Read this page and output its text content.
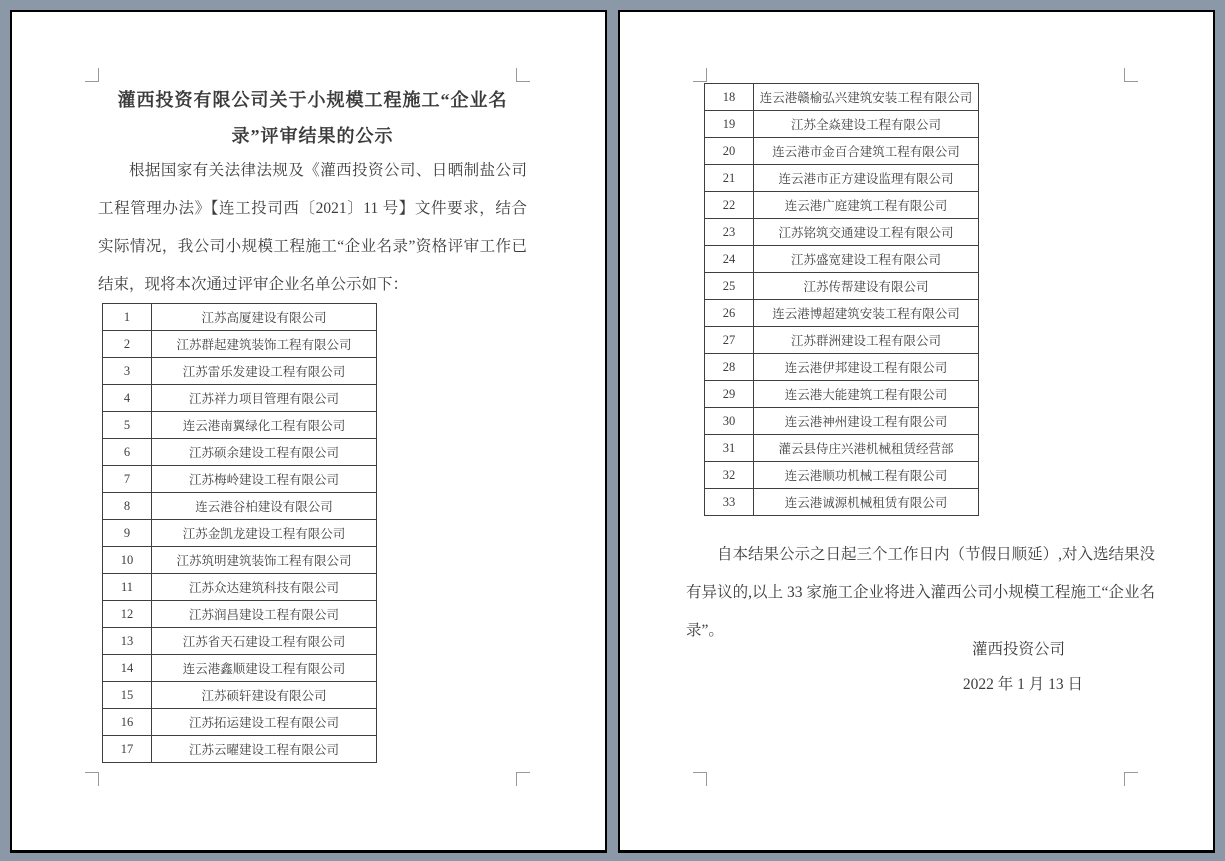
灌西投资有限公司关于小规模工程施工“企业名录”评审结果的公示
根据国家有关法律法规及《灌西投资公司、日晒制盐公司工程管理办法》【连工投司西〔2021〕11 号】文件要求，结合实际情况，我公司小规模工程施工“企业名录”资格评审工作已结束，现将本次通过评审企业名单公示如下：
1	江苏高厦建设有限公司
2	江苏群起建筑装饰工程有限公司
3	江苏雷乐发建设工程有限公司
4	江苏祥力项目管理有限公司
5	连云港南翼绿化工程有限公司
6	江苏硕余建设工程有限公司
7	江苏梅岭建设工程有限公司
8	连云港谷柏建设有限公司
9	江苏金凯龙建设工程有限公司
10	江苏筑明建筑装饰工程有限公司
11	江苏众达建筑科技有限公司
12	江苏润昌建设工程有限公司
13	江苏省天石建设工程有限公司
14	连云港鑫顺建设工程有限公司
15	江苏硕轩建设有限公司
16	江苏拓运建设工程有限公司
17	江苏云曜建设工程有限公司
18	连云港赣榆弘兴建筑安装工程有限公司
19	江苏全焱建设工程有限公司
20	连云港市金百合建筑工程有限公司
21	连云港市正方建设监理有限公司
22	连云港广庭建筑工程有限公司
23	江苏铭筑交通建设工程有限公司
24	江苏盛宽建设工程有限公司
25	江苏传帮建设有限公司
26	连云港博超建筑安装工程有限公司
27	江苏群洲建设工程有限公司
28	连云港伊邦建设工程有限公司
29	连云港大能建筑工程有限公司
30	连云港神州建设工程有限公司
31	灌云县侍庄兴港机械租赁经营部
32	连云港顺功机械工程有限公司
33	连云港诚源机械租赁有限公司
自本结果公示之日起三个工作日内（节假日顺延）,对入选结果没有异议的,以上 33 家施工企业将进入灌西公司小规模工程施工“企业名录”。
灌西投资公司
2022 年 1 月 13 日
